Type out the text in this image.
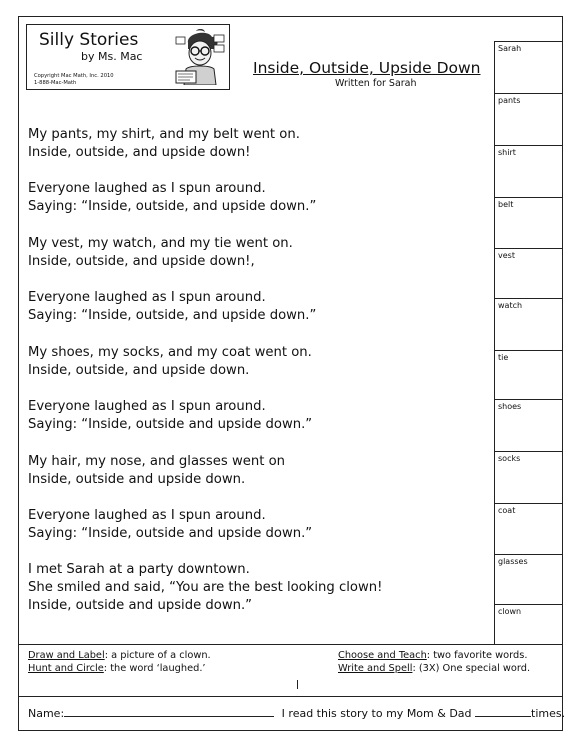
Silly Stories
by Ms. Mac
Copyright Mac Math, Inc. 2010
1-888-Mac-Math
Inside, Outside, Upside Down
Written for Sarah
Sarah
pants
shirt
belt
vest
watch
tie
shoes
socks
coat
glasses
clown
My pants, my shirt, and my belt went on.
Inside, outside, and upside down!
Everyone laughed as I spun around.
Saying: “Inside, outside, and upside down.”
My vest, my watch, and my tie went on.
Inside, outside, and upside down!,
Everyone laughed as I spun around.
Saying: “Inside, outside, and upside down.”
My shoes, my socks, and my coat went on.
Inside, outside, and upside down.
Everyone laughed as I spun around.
Saying: “Inside, outside and upside down.”
My hair, my nose, and glasses went on
Inside, outside and upside down.
Everyone laughed as I spun around.
Saying: “Inside, outside and upside down.”
I met Sarah at a party downtown.
She smiled and said, “You are the best looking clown!
Inside, outside and upside down.”
Draw and Label: a picture of a clown.
Hunt and Circle: the word ‘laughed.’
Choose and Teach: two favorite words.
Write and Spell: (3X) One special word.
Name:	I read this story to my Mom & Dad	times.
